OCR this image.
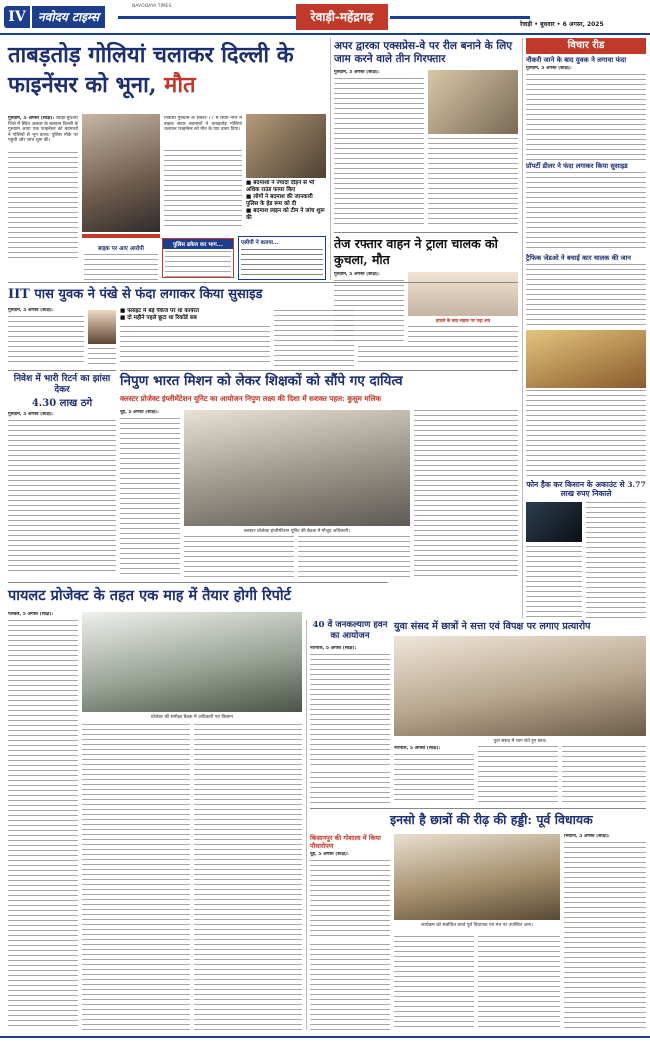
IV	नवोदय टाइम्स
NAVODAYA TIMES
रेवाड़ी-महेंद्रगढ़
रेवाड़ी • बुधवार • 6 अगस्त, 2025
ताबड़तोड़ गोलियां चलाकर दिल्ली के फाइनेंसर को भूना, मौत
गुरुग्राम, 5 अगस्त (सक्षि): रेवाड़ी-बुधवार जिले में स्थित अलवर के बलवान दिल्ली के गुरुग्राम आया एक फाइनेंसर को बदमाशों ने गोलियों से भून डाला। पुलिस मौके पर पहुंची और जांच शुरू की।
निवासी गुरुग्राम के सेक्टर-77 में सिंधी नगर में बाइक सवार बदमाशों ने ताबड़तोड़ गोलियां चलाकर फाइनेंसर को मौत के घाट उतार दिया।
■ बदमाशों ने ज्यादा दौड़ने से भी अधिक राउंड फायर किए
■ लोगों ने बदमाश की जानकारी पुलिस के हेड रूम को दी
■ बदमाश लाइन को टीम ने जांच शुरू की
पुलिस ढकेल कर भाग...
बाइक पर आए आरोपी
एसीपी ने बताया...
अपर द्वारका एक्सप्रेस-वे पर रील बनाने के लिए जाम करने वाले तीन गिरफ्तार
गुरुग्राम, 5 अगस्त (सक्षि):
तेज रफ्तार वाहन ने ट्राला चालक को कुचला, मौत
गुरुग्राम, 5 अगस्त (सक्षि):
हादसे के बाद सड़क पर पड़ा शव
विचार रीड
नौकरी जाने के बाद युवक ने लगाया फंदा
गुरुग्राम, 5 अगस्त (सक्षि):
प्रॉपर्टी डीलर ने फंदा लगाकर किया सुसाइड
ट्रैफिक जेडओ ने बचाई कार चालक की जान
फोन हैक कर किसान के अकाउंट से 3.77 लाख रुपए निकाले
IIT पास युवक ने पंखे से फंदा लगाकर किया सुसाइड
गुरुग्राम, 5 अगस्त (सक्षि):	■ फ्लाइट में बड़े पैकेज पर था कार्यरत
■ दो महीने पहले छूटा था रिकॉर्ड सब
निवेश में भारी रिटर्न का झांसा देकर
4.30 लाख ठगे
गुरुग्राम, 5 अगस्त (सक्षि):
निपुण भारत मिशन को लेकर शिक्षकों को सौंपे गए दायित्व
क्लस्टर प्रोजेक्ट इंप्लीमेंटेशन यूनिट का आयोजन निपुण लक्ष्य की दिशा में सशक्त पहल: कुसुम मलिक
नूंह, 5 अगस्त (सक्षि):
क्लस्टर प्रोजेक्ट इंप्लीमेंटेशन यूनिट की बैठक में मौजूद अधिकारी।
पायलट प्रोजेक्ट के तहत एक माह में तैयार होगी रिपोर्ट
पलवल, 5 अगस्त (सक्षि):
प्रोजेक्ट की समीक्षा बैठक में अधिकारी एवं किसान
40 वें जनकल्याण हवन का आयोजन
नारनौल, 5 अगस्त (सक्षि):
युवा संसद में छात्रों ने सत्ता एवं विपक्ष पर लगाए प्रत्यारोप
युवा संसद में भाग लेते हुए छात्र।
नारनौल, 5 अगस्त (सक्षि):
इनसो है छात्रों की रीढ़ की हड्डी: पूर्व विधायक
किसानपुर की गोशाला में किया पौधारोपण
नूंह, 5 अगस्त (सक्षि):
कार्यक्रम को संबोधित करते पूर्व विधायक एवं मंच पर उपस्थित अन्य।
भिवानी, 5 अगस्त (सक्षि):
